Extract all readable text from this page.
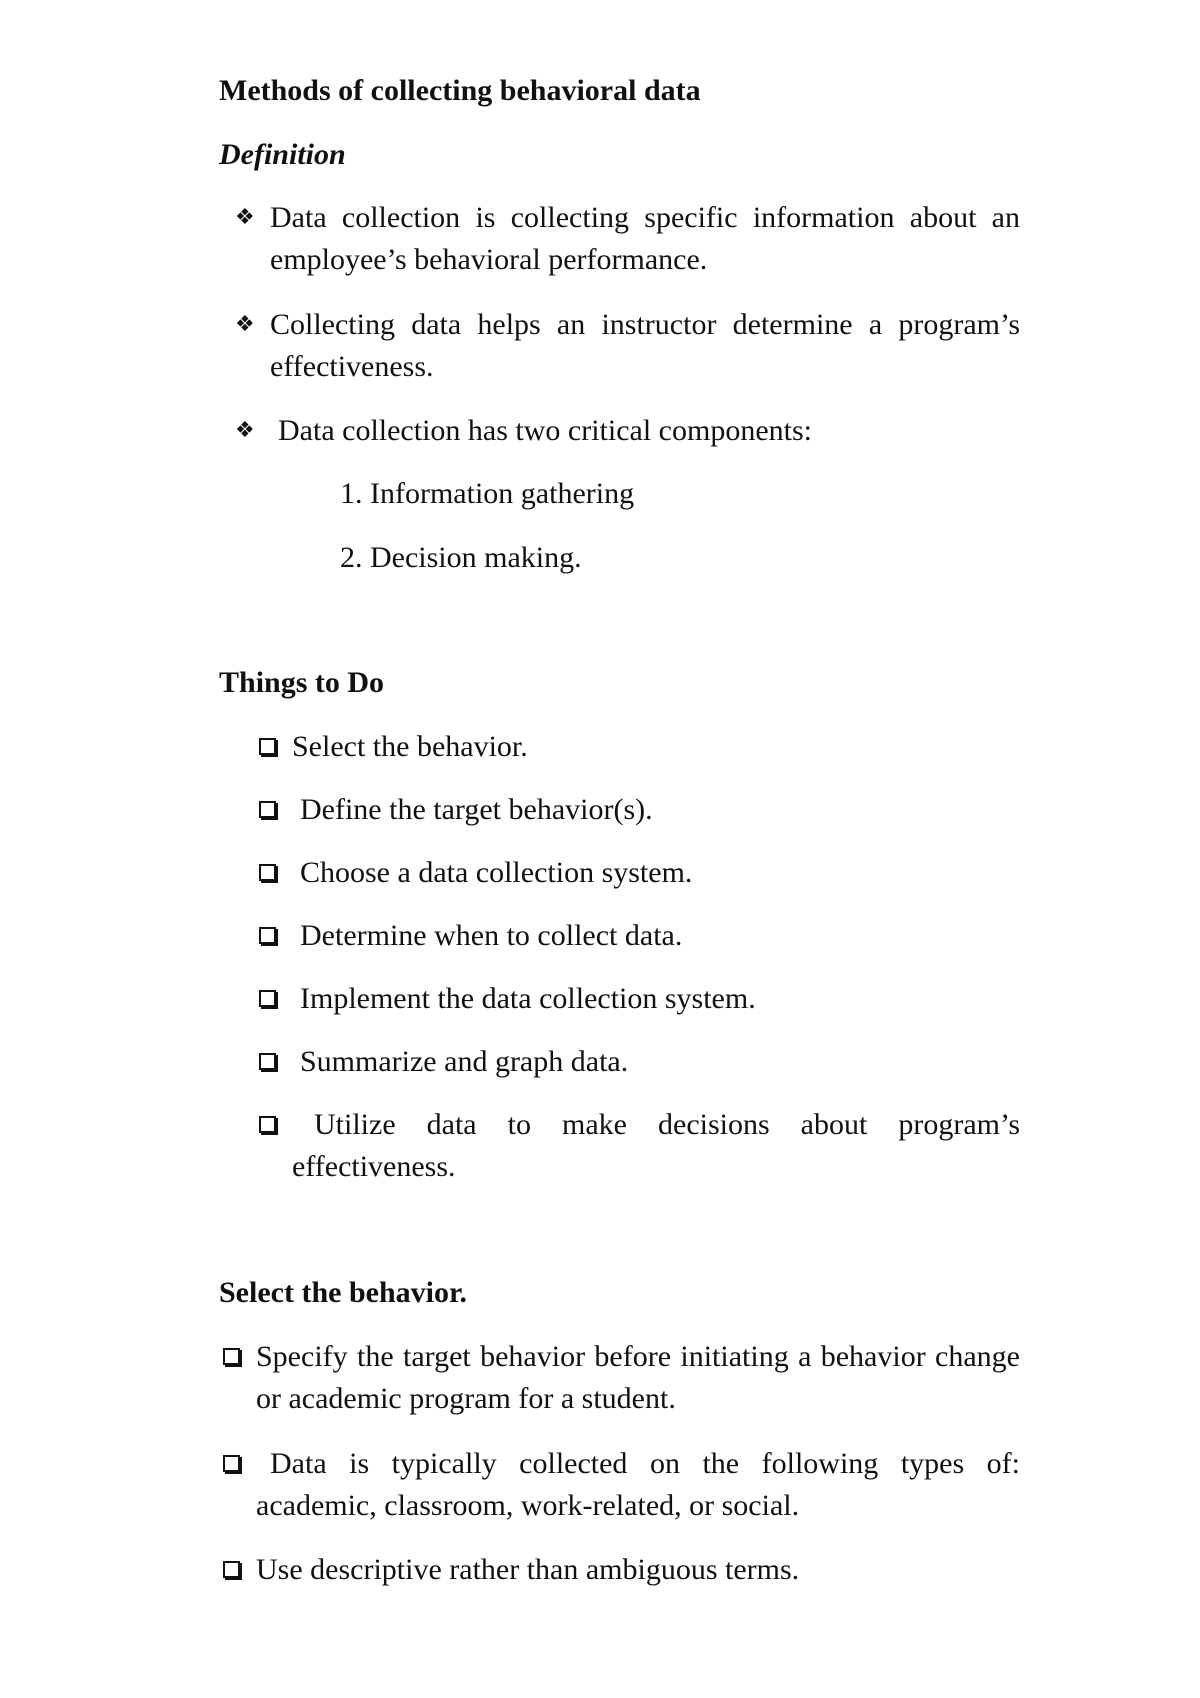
Methods of collecting behavioral data
Definition
❖ Data collection is collecting specific information about an employee’s behavioral performance.
❖ Collecting data helps an instructor determine a program’s effectiveness.
❖ Data collection has two critical components:
1. Information gathering
2. Decision making.
Things to Do
Select the behavior.
Define the target behavior(s).
Choose a data collection system.
Determine when to collect data.
Implement the data collection system.
Summarize and graph data.
Utilize data to make decisions about program’s effectiveness.
Select the behavior.
Specify the target behavior before initiating a behavior change or academic program for a student.
Data is typically collected on the following types of: academic, classroom, work-related, or social.
Use descriptive rather than ambiguous terms.
